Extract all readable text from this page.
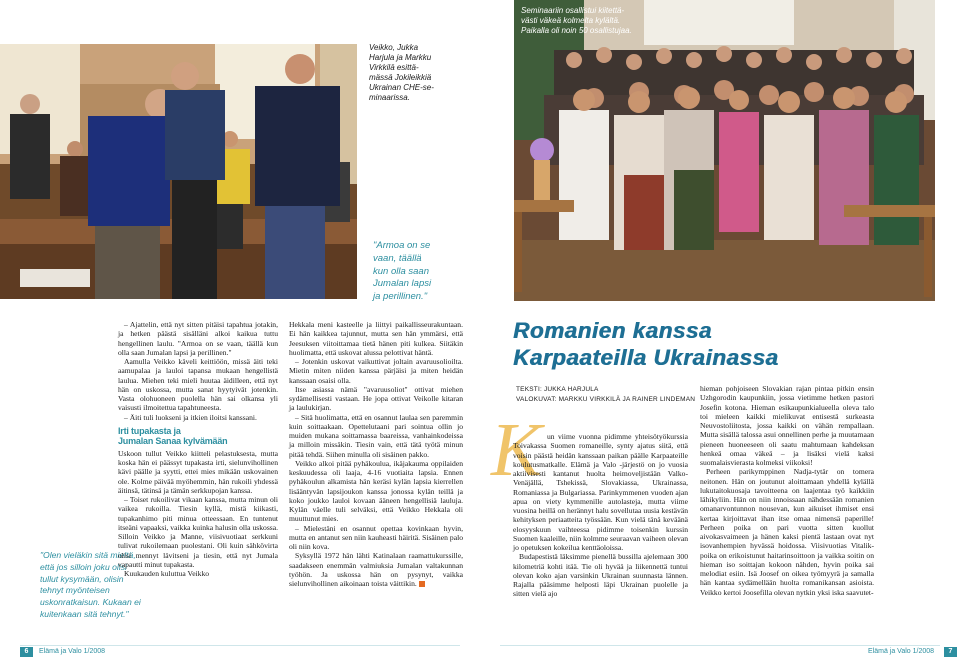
Seminaariin osallistui kiitettä-
västi väkeä kolmelta kylältä.
Paikalla oli noin 50 osallistujaa.
Veikko, Jukka
Harjula ja Markku
Virkkilä esittä-
mässä Jokileikkiä
Ukrainan CHE-se-
minaarissa.
"Armoa on se
vaan, täällä
kun olla saan
Jumalan lapsi
ja perillinen."
"Olen vieläkin sitä mieltä,
että jos silloin joku olisi
tullut kysymään, olisin
tehnyt myönteisen
uskonratkaisun. Kukaan ei
kuitenkaan sitä tehnyt."

– Ajattelin, että nyt sitten pitäisi tapahtua jotakin, ja hetken päästä sisälläni alkoi kaikua tuttu hengellinen laulu. "Armoa on se vaan, täällä kun olla saan Jumalan lapsi ja perillinen."

Aamulla Veikko käveli keittiöön, missä äiti teki aamupalaa ja lauloi tapansa mukaan hengellistä laulua. Miehen teki mieli huutaa äidilleen, että nyt hän on uskossa, mutta sanat hyytyivät jotenkin. Vasta olohuoneen puolella hän sai olkansa yli vaisusti ilmoitettua tapahtuneesta.

– Äiti tuli luokseni ja itkien iloitsi kanssani.

Irti tupakasta ja
Jumalan Sanaa kylvämään

Uskoon tullut Veikko kiitteli pelastuksesta, mutta koska hän ei päässyt tupakasta irti, sielunvihollinen kävi päälle ja syytti, ettei mies mikään uskovainen ole. Kolme päivää myöhemmin, hän rukoili yhdessä äitinsä, tätinsä ja tämän serkkupojan kanssa.

– Toiset rukoilivat vikaan kanssa, mutta minun oli vaikea rukoilla. Tiesin kyllä, mistä kiikasti, tupakanhimo piti minua otteessaan. En tuntenut itseäni vapaaksi, vaikka kuinka halusin olla uskossa. Silloin Veikko ja Manne, viisivuotiaat serkkuni tulivat rukoilemaan puolestani. Oli kuin sähkövirta olisi mennyt lävitseni ja tiesin, että nyt Jumala vapautti minut tupakasta.

Kuukauden kuluttua Veikko

Hekkala meni kasteelle ja liittyi paikallisseurakuntaan. Ei hän kaikkea tajunnut, mutta sen hän ymmärsi, että Jeesuksen viitoittamaa tietä hänen piti kulkea. Siitäkin huolimatta, että uskovat alussa pelottivat häntä.

– Jotenkin uskovat vaikuttivat joltain avaruusolioilta. Mietin miten niiden kanssa pärjäisi ja miten heidän kanssaan osaisi olla.

Itse asiassa nämä "avaruusoliot" ottivat miehen sydämellisesti vastaan. He jopa ottivat Veikolle kitaran ja laulukirjan.

– Sitä huolimatta, että en osannut laulaa sen paremmin kuin soittaakaan. Opettelutaani pari sointua ollin jo muiden mukana soittamassa baareissa, vanhainkodeissa ja milloin missäkin. Tiesin vain, että tätä työtä minun pitää tehdä. Siihen minulla oli sisäinen pakko.

Veikko alkoi pitää pyhäkoulua, ikäjakauma oppilaiden keskuudessa oli laaja, 4-16 vuotiaita lapsia. Ennen pyhäkoulun alkamista hän keräsi kylän lapsia kierrellen lisääntyvän lapsijoukon kanssa jonossa kylän teillä ja koko joukko lauloi kovaan ääneen hengellisiä lauluja. Kylän väelle tuli selväksi, että Veikko Hekkala oli muuttunut mies.

– Mielestäni en osannut opettaa kovinkaan hyvin, mutta en antanut sen niin kauheasti häiritä. Sisäinen palo oli niin kova.

Syksyllä 1972 hän lähti Katinalaan raamattukurssille, saadakseen enemmän valmiuksia Jumalan valtakunnan työhön. Ja uskossa hän on pysynyt, vaikka sielunvihollinen aikoinaan toista väittikin.

Romanien kanssa
Karpaateilla Ukrainassa
TEKSTI: JUKKA HARJULA
VALOKUVAT: MARKKU VIRKKILÄ JA RAINER LINDEMAN
K un viime vuonna pidimme yhteisötyökurssia Toivakassa Suomen romaneille, synty ajatus siitä, että voisin päästä heidän kanssaan paikan päälle Karpaateille koulutusmatkalle. Elämä ja Valo -järjestö on jo vuosia aktiivisesti kantanut huolta heimoveljistään Valko-Venäjällä, Tshekissä, Slovakiassa, Ukrainassa, Romaniassa ja Bulgariassa. Parinkymmenen vuoden ajan apua on viety kymmenille autolasteja, mutta viime vuosina heillä on herännyt halu sovellutaa uusia kestävän kehityksen periaatteita työssään. Kun vielä tänä keväänä elosyyskuun vaihteessa pidimme toisenkin kurssin Suomen kaaleille, niin kolmme seuraavan vaiheen olevan jo opetuksen kokeilua kenttäoloissa.

Budapestistä läksimme pienellä bussilla ajelemaan 300 kilometriä kohti itää. Tie oli hyvää ja liikennettä tuntui olevan koko ajan varsinkin Ukrainan suunnasta lännen. Rajalla pääsimme helposti läpi Ukrainan puolelle ja sitten vielä ajo

hieman pohjoiseen Slovakian rajan pintaa pitkin ensin Uzhgorodin kaupunkiin, jossa vietimme hetken pastori Josefin kotona. Hieman esikaupunkialueella oleva talo toi mieleen kaikki mielikuvat entisestä surkeasta Neuvostoliitosta, jossa kaikki on vähän rempallaan. Mutta sisällä talossa asui onnellinen perhe ja muutamaan pieneen huoneeseen oli saatu mahtumaan kahdeksan henkeä omaa väkeä – ja lisäksi vielä kaksi suomalaisvierasta kolmeksi viikoksi!

Perheen parikymppinen Nadja-tytär on tomera neitonen. Hän on joutunut aloittamaan yhdellä kylällä lukutaitokuosaja tavoitteena on laajentaa työ kaikkiin lähikyliin. Hän on niin innoissaan nähdessään romanien omanarvontunnon nousevan, kun aikuiset ihmiset ensi kertaa kirjoittavat ihan itse omaa nimensä paperille! Perheen poika on pari vuotta sitten kuollut aivokasvaimeen ja hänen kaksi pientä lastaan ovat nyt isovanhempien hyvässä hoidossa. Viisivuotias Vitalik-poika on erikoistunut haitarinsoittoon ja vaikka soitin on hieman iso soittajan kokoon nähden, hyvin poika sai melodiat esiin. Isä Joosef on oikea työmyyrä ja samalla hän kantaa sydämellään huolta romanikansan asioista. Veikko kertoi Joosefilla olevan nytkin yksi iska saavutet-

6	Elämä ja Valo 1/2008	Elämä ja Valo 1/2008	7
